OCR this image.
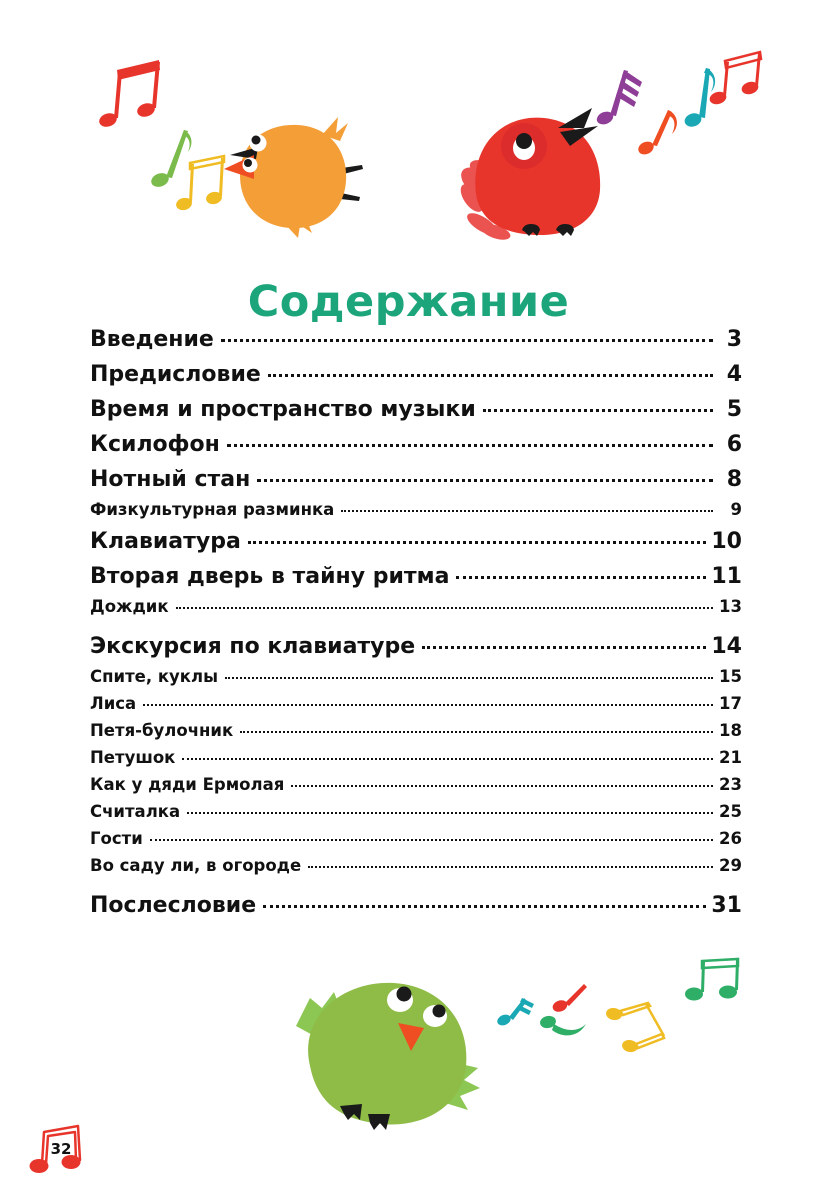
Содержание
Введение	3
Предисловие	4
Время и пространство музыки	5
Ксилофон	6
Нотный стан	8
Физкультурная разминка	9
Клавиатура	10
Вторая дверь в тайну ритма	11
Дождик	13
Экскурсия по клавиатуре	14
Спите, куклы	15
Лиса	17
Петя-булочник	18
Петушок	21
Как у дяди Ермолая	23
Считалка	25
Гости	26
Во саду ли, в огороде	29
Послесловие	31
32
